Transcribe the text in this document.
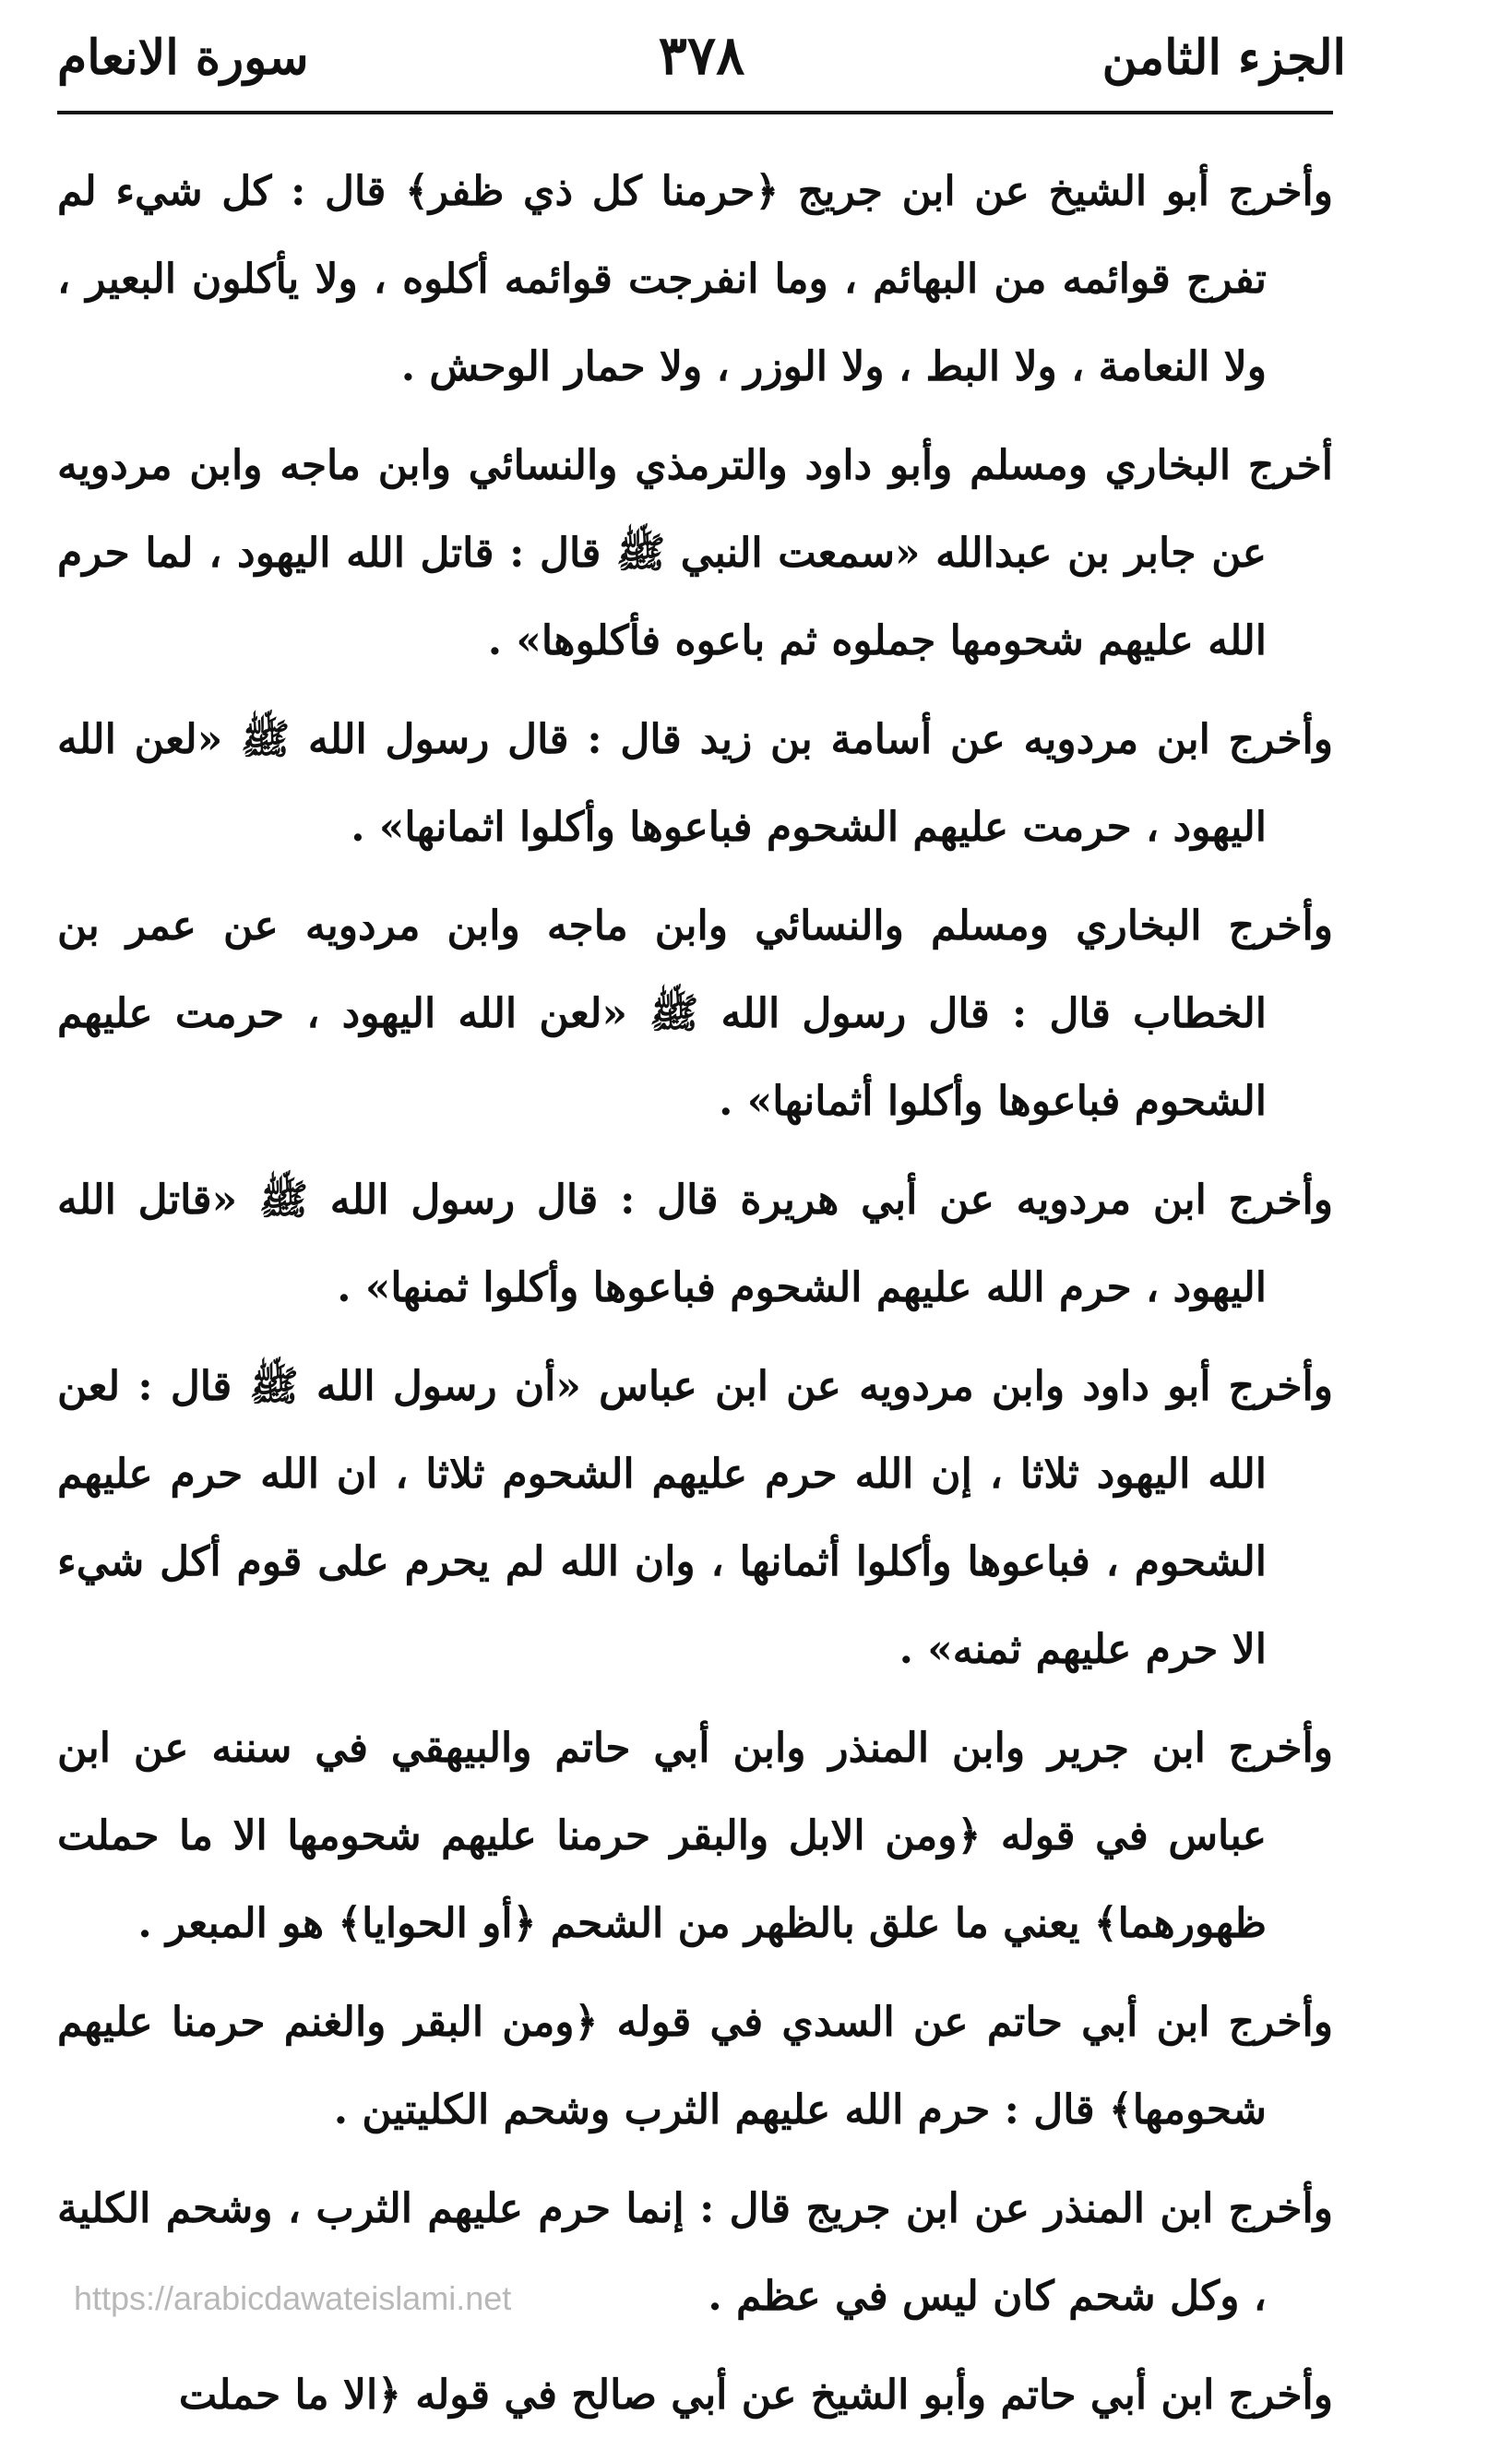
الجزء الثامن
٣٧٨
سورة الانعام

وأخرج أبو الشيخ عن ابن جريج ﴿حرمنا كل ذي ظفر﴾ قال : كل شيء لم تفرج قوائمه من البهائم ، وما انفرجت قوائمه أكلوه ، ولا يأكلون البعير ، ولا النعامة ، ولا البط ، ولا الوزر ، ولا حمار الوحش .

أخرج البخاري ومسلم وأبو داود والترمذي والنسائي وابن ماجه وابن مردويه عن جابر بن عبدالله «سمعت النبي ﷺ قال : قاتل الله اليهود ، لما حرم الله عليهم شحومها جملوه ثم باعوه فأكلوها» .

وأخرج ابن مردويه عن أسامة بن زيد قال : قال رسول الله ﷺ «لعن الله اليهود ، حرمت عليهم الشحوم فباعوها وأكلوا اثمانها» .

وأخرج البخاري ومسلم والنسائي وابن ماجه وابن مردويه عن عمر بن الخطاب قال : قال رسول الله ﷺ «لعن الله اليهود ، حرمت عليهم الشحوم فباعوها وأكلوا أثمانها» .

وأخرج ابن مردويه عن أبي هريرة قال : قال رسول الله ﷺ «قاتل الله اليهود ، حرم الله عليهم الشحوم فباعوها وأكلوا ثمنها» .

وأخرج أبو داود وابن مردويه عن ابن عباس «أن رسول الله ﷺ قال : لعن الله اليهود ثلاثا ، إن الله حرم عليهم الشحوم ثلاثا ، ان الله حرم عليهم الشحوم ، فباعوها وأكلوا أثمانها ، وان الله لم يحرم على قوم أكل شيء الا حرم عليهم ثمنه» .

وأخرج ابن جرير وابن المنذر وابن أبي حاتم والبيهقي في سننه عن ابن عباس في قوله ﴿ومن الابل والبقر حرمنا عليهم شحومها الا ما حملت ظهورهما﴾ يعني ما علق بالظهر من الشحم ﴿أو الحوايا﴾ هو المبعر .

وأخرج ابن أبي حاتم عن السدي في قوله ﴿ومن البقر والغنم حرمنا عليهم شحومها﴾ قال : حرم الله عليهم الثرب وشحم الكليتين .

وأخرج ابن المنذر عن ابن جريج قال : إنما حرم عليهم الثرب ، وشحم الكلية ، وكل شحم كان ليس في عظم .

وأخرج ابن أبي حاتم وأبو الشيخ عن أبي صالح في قوله ﴿الا ما حملت

https://arabicdawateislami.net
